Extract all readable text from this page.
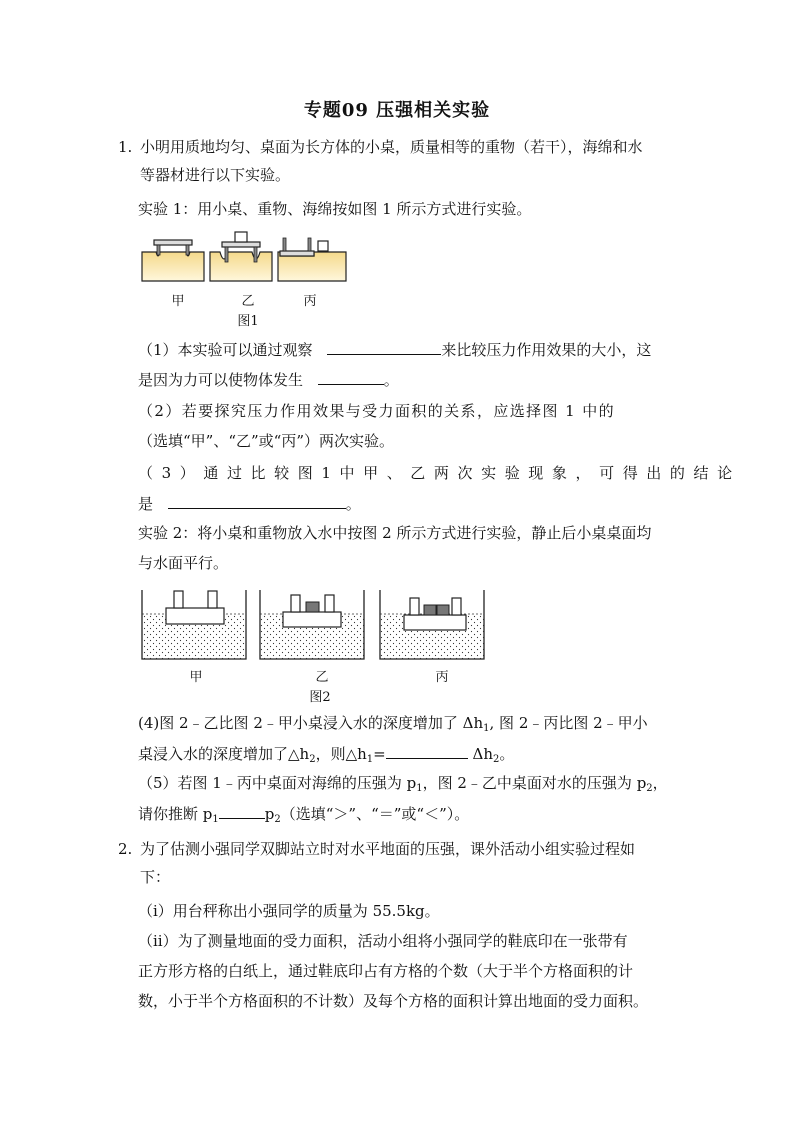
专题09 压强相关实验
1. 小明用质地均匀、桌面为长方体的小桌，质量相等的重物（若干），海绵和水
等器材进行以下实验。
实验 1：用小桌、重物、海绵按如图 1 所示方式进行实验。
甲	乙	丙
图1
（1）本实验可以通过观察	来比较压力作用效果的大小，这
是因为力可以使物体发生	。
（2）若要探究压力作用效果与受力面积的关系，应选择图 1 中的
（选填“甲”、“乙”或“丙”）两次实验。
（3）通过比较图1中甲、乙两次实验现象，可得出的结论
是	。
实验 2：将小桌和重物放入水中按图 2 所示方式进行实验，静止后小桌桌面均
与水面平行。
甲	乙	丙
图2
(4)图 2﹣乙比图 2﹣甲小桌浸入水的深度增加了 $\Delta h_1$, 图 2﹣丙比图 2﹣甲小
桌浸入水的深度增加了$\triangle h_2$，则$\triangle h_1=$	$\Delta h_2$。
（5）若图 1﹣丙中桌面对海绵的压强为 $p_1$，图 2﹣乙中桌面对水的压强为 $p_2$，
请你推断 $p_1$	$p_2$（选填“＞”、“＝”或“＜”）。
2. 为了估测小强同学双脚站立时对水平地面的压强，课外活动小组实验过程如
下：
（ⅰ）用台秤称出小强同学的质量为 55.5kg。
（ⅱ）为了测量地面的受力面积，活动小组将小强同学的鞋底印在一张带有
正方形方格的白纸上，通过鞋底印占有方格的个数（大于半个方格面积的计
数，小于半个方格面积的不计数）及每个方格的面积计算出地面的受力面积。
